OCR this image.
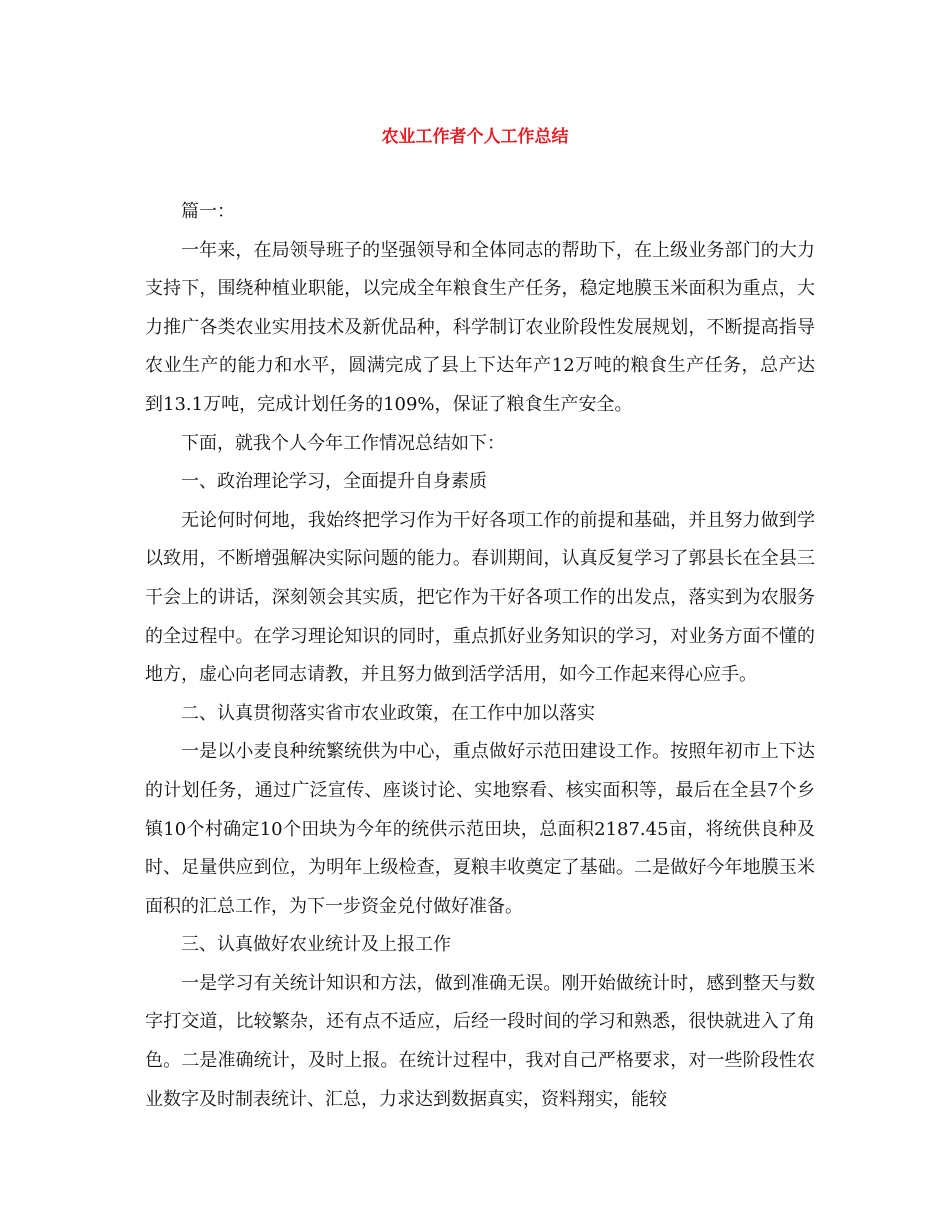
农业工作者个人工作总结

篇一：

一年来，在局领导班子的坚强领导和全体同志的帮助下，在上级业务部门的大力支持下，围绕种植业职能，以完成全年粮食生产任务，稳定地膜玉米面积为重点，大力推广各类农业实用技术及新优品种，科学制订农业阶段性发展规划，不断提高指导农业生产的能力和水平，圆满完成了县上下达年产12万吨的粮食生产任务，总产达到13.1万吨，完成计划任务的109%，保证了粮食生产安全。

下面，就我个人今年工作情况总结如下：

一、政治理论学习，全面提升自身素质

无论何时何地，我始终把学习作为干好各项工作的前提和基础，并且努力做到学以致用，不断增强解决实际问题的能力。春训期间，认真反复学习了郭县长在全县三干会上的讲话，深刻领会其实质，把它作为干好各项工作的出发点，落实到为农服务的全过程中。在学习理论知识的同时，重点抓好业务知识的学习，对业务方面不懂的地方，虚心向老同志请教，并且努力做到活学活用，如今工作起来得心应手。

二、认真贯彻落实省市农业政策，在工作中加以落实

一是以小麦良种统繁统供为中心，重点做好示范田建设工作。按照年初市上下达的计划任务，通过广泛宣传、座谈讨论、实地察看、核实面积等，最后在全县7个乡镇10个村确定10个田块为今年的统供示范田块，总面积2187.45亩，将统供良种及时、足量供应到位，为明年上级检查，夏粮丰收奠定了基础。二是做好今年地膜玉米面积的汇总工作，为下一步资金兑付做好准备。

三、认真做好农业统计及上报工作

一是学习有关统计知识和方法，做到准确无误。刚开始做统计时，感到整天与数字打交道，比较繁杂，还有点不适应，后经一段时间的学习和熟悉，很快就进入了角色。二是准确统计，及时上报。在统计过程中，我对自己严格要求，对一些阶段性农业数字及时制表统计、汇总，力求达到数据真实，资料翔实，能较
